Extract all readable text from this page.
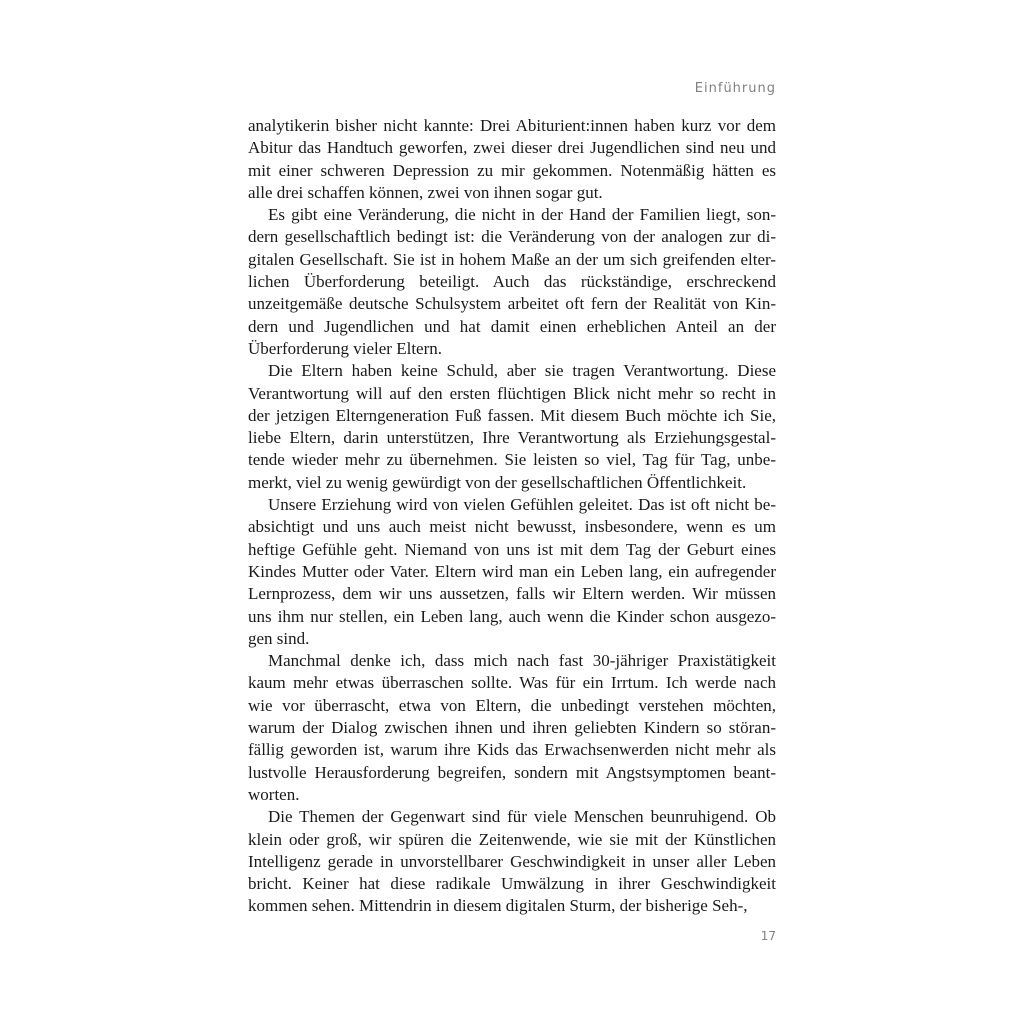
Einführung
analytikerin bisher nicht kannte: Drei Abiturient:innen haben kurz vor dem
Abitur das Handtuch geworfen, zwei dieser drei Jugendlichen sind neu und
mit einer schweren Depression zu mir gekommen. Notenmäßig hätten es
alle drei schaffen können, zwei von ihnen sogar gut.
Es gibt eine Veränderung, die nicht in der Hand der Familien liegt, son-
dern gesellschaftlich bedingt ist: die Veränderung von der analogen zur di-
gitalen Gesellschaft. Sie ist in hohem Maße an der um sich greifenden elter-
lichen Überforderung beteiligt. Auch das rückständige, erschreckend
unzeitgemäße deutsche Schulsystem arbeitet oft fern der Realität von Kin-
dern und Jugendlichen und hat damit einen erheblichen Anteil an der
Überforderung vieler Eltern.
Die Eltern haben keine Schuld, aber sie tragen Verantwortung. Diese
Verantwortung will auf den ersten flüchtigen Blick nicht mehr so recht in
der jetzigen Elterngeneration Fuß fassen. Mit diesem Buch möchte ich Sie,
liebe Eltern, darin unterstützen, Ihre Verantwortung als Erziehungsgestal-
tende wieder mehr zu übernehmen. Sie leisten so viel, Tag für Tag, unbe-
merkt, viel zu wenig gewürdigt von der gesellschaftlichen Öffentlichkeit.
Unsere Erziehung wird von vielen Gefühlen geleitet. Das ist oft nicht be-
absichtigt und uns auch meist nicht bewusst, insbesondere, wenn es um
heftige Gefühle geht. Niemand von uns ist mit dem Tag der Geburt eines
Kindes Mutter oder Vater. Eltern wird man ein Leben lang, ein aufregender
Lernprozess, dem wir uns aussetzen, falls wir Eltern werden. Wir müssen
uns ihm nur stellen, ein Leben lang, auch wenn die Kinder schon ausgezo-
gen sind.
Manchmal denke ich, dass mich nach fast 30-jähriger Praxistätigkeit
kaum mehr etwas überraschen sollte. Was für ein Irrtum. Ich werde nach
wie vor überrascht, etwa von Eltern, die unbedingt verstehen möchten,
warum der Dialog zwischen ihnen und ihren geliebten Kindern so störan-
fällig geworden ist, warum ihre Kids das Erwachsenwerden nicht mehr als
lustvolle Herausforderung begreifen, sondern mit Angstsymptomen beant-
worten.
Die Themen der Gegenwart sind für viele Menschen beunruhigend. Ob
klein oder groß, wir spüren die Zeitenwende, wie sie mit der Künstlichen
Intelligenz gerade in unvorstellbarer Geschwindigkeit in unser aller Leben
bricht. Keiner hat diese radikale Umwälzung in ihrer Geschwindigkeit
kommen sehen. Mittendrin in diesem digitalen Sturm, der bisherige Seh-,
17
